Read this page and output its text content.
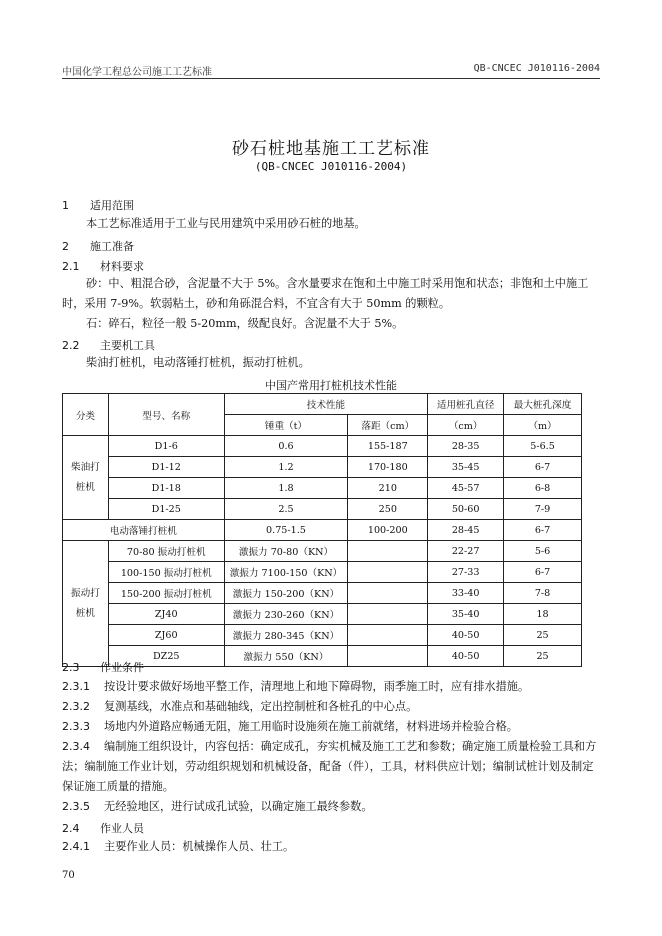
中国化学工程总公司施工工艺标准	QB-CNCEC J010116-2004
砂石桩地基施工工艺标准
(QB-CNCEC J010116-2004)
1 适用范围
本工艺标准适用于工业与民用建筑中采用砂石桩的地基。
2 施工准备
2.1 材料要求
砂：中、粗混合砂，含泥量不大于 5%。含水量要求在饱和土中施工时采用饱和状态；非饱和土中施工时，采用 7-9%。软弱粘土，砂和角砾混合料，不宜含有大于 50mm 的颗粒。
石：碎石，粒径一般 5-20mm，级配良好。含泥量不大于 5%。
2.2 主要机工具
柴油打桩机，电动落锤打桩机，振动打桩机。
中国产常用打桩机技术性能
分类	型号、名称	技术性能		适用桩孔直径	最大桩孔深度
		锤重（t）	落距（cm）	（cm）	（m）
柴油打
桩机	D1-6	0.6	155-187	28-35	5-6.5
	D1-12	1.2	170-180	35-45	6-7
	D1-18	1.8	210	45-57	6-8
	D1-25	2.5	250	50-60	7-9
电动落锤打桩机		0.75-1.5	100-200	28-45	6-7
振动打
桩机	70-80 振动打桩机	激振力 70-80（KN）		22-27	5-6
	100-150 振动打桩机	激振力 7100-150（KN）		27-33	6-7
	150-200 振动打桩机	激振力 150-200（KN）		33-40	7-8
	ZJ40	激振力 230-260（KN）		35-40	18
	ZJ60	激振力 280-345（KN）		40-50	25
	DZ25	激振力 550（KN）		40-50	25
2.3 作业条件
2.3.1 按设计要求做好场地平整工作，清理地上和地下障碍物，雨季施工时，应有排水措施。
2.3.2 复测基线，水准点和基础轴线，定出控制桩和各桩孔的中心点。
2.3.3 场地内外道路应畅通无阻，施工用临时设施须在施工前就绪，材料进场并检验合格。
2.3.4 编制施工组织设计，内容包括：确定成孔，夯实机械及施工工艺和参数；确定施工质量检验工具和方法；编制施工作业计划，劳动组织规划和机械设备，配备（件），工具，材料供应计划；编制试桩计划及制定保证施工质量的措施。
2.3.5 无经验地区，进行试成孔试验，以确定施工最终参数。
2.4 作业人员
2.4.1 主要作业人员：机械操作人员、壮工。
70
